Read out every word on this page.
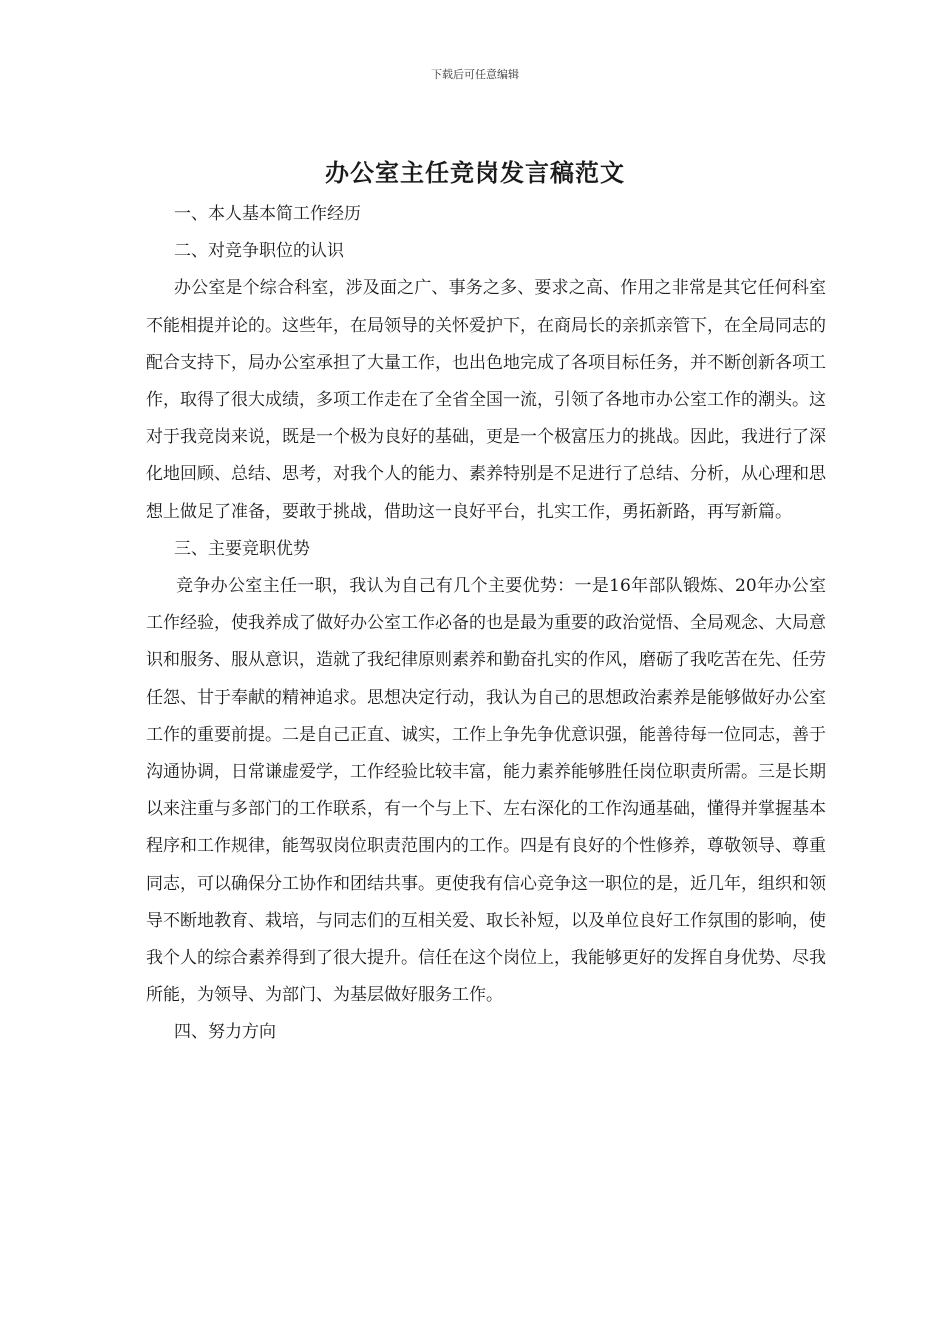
下载后可任意编辑
办公室主任竞岗发言稿范文

一、本人基本简工作经历

二、对竞争职位的认识

办公室是个综合科室，涉及面之广、事务之多、要求之高、作用之非常是其它任何科室不能相提并论的。这些年，在局领导的关怀爱护下，在商局长的亲抓亲管下，在全局同志的配合支持下，局办公室承担了大量工作，也出色地完成了各项目标任务，并不断创新各项工作，取得了很大成绩，多项工作走在了全省全国一流，引领了各地市办公室工作的潮头。这对于我竞岗来说，既是一个极为良好的基础，更是一个极富压力的挑战。因此，我进行了深化地回顾、总结、思考，对我个人的能力、素养特别是不足进行了总结、分析，从心理和思想上做足了准备，要敢于挑战，借助这一良好平台，扎实工作，勇拓新路，再写新篇。

三、主要竞职优势

竞争办公室主任一职，我认为自己有几个主要优势：一是16年部队锻炼、20年办公室工作经验，使我养成了做好办公室工作必备的也是最为重要的政治觉悟、全局观念、大局意识和服务、服从意识，造就了我纪律原则素养和勤奋扎实的作风，磨砺了我吃苦在先、任劳任怨、甘于奉献的精神追求。思想决定行动，我认为自己的思想政治素养是能够做好办公室工作的重要前提。二是自己正直、诚实，工作上争先争优意识强，能善待每一位同志，善于沟通协调，日常谦虚爱学，工作经验比较丰富，能力素养能够胜任岗位职责所需。三是长期以来注重与多部门的工作联系，有一个与上下、左右深化的工作沟通基础，懂得并掌握基本程序和工作规律，能驾驭岗位职责范围内的工作。四是有良好的个性修养，尊敬领导、尊重同志，可以确保分工协作和团结共事。更使我有信心竞争这一职位的是，近几年，组织和领导不断地教育、栽培，与同志们的互相关爱、取长补短，以及单位良好工作氛围的影响，使我个人的综合素养得到了很大提升。信任在这个岗位上，我能够更好的发挥自身优势、尽我所能，为领导、为部门、为基层做好服务工作。

四、努力方向
